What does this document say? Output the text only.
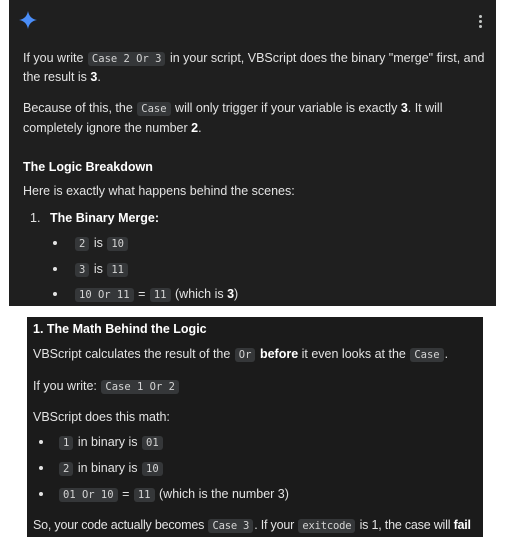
If you write Case 2 Or 3 in your script, VBScript does the binary "merge" first, and
the result is 3.
Because of this, the Case will only trigger if your variable is exactly 3. It will
completely ignore the number 2.
The Logic Breakdown
Here is exactly what happens behind the scenes:
1. The Binary Merge:
2 is 10
3 is 11
10 Or 11 = 11 (which is 3)
1. The Math Behind the Logic
VBScript calculates the result of the Or before it even looks at the Case .
If you write: Case 1 Or 2
VBScript does this math:
1 in binary is 01
2 in binary is 10
01 Or 10 = 11 (which is the number 3)
So, your code actually becomes Case 3 . If your exitcode is 1, the case will fail
